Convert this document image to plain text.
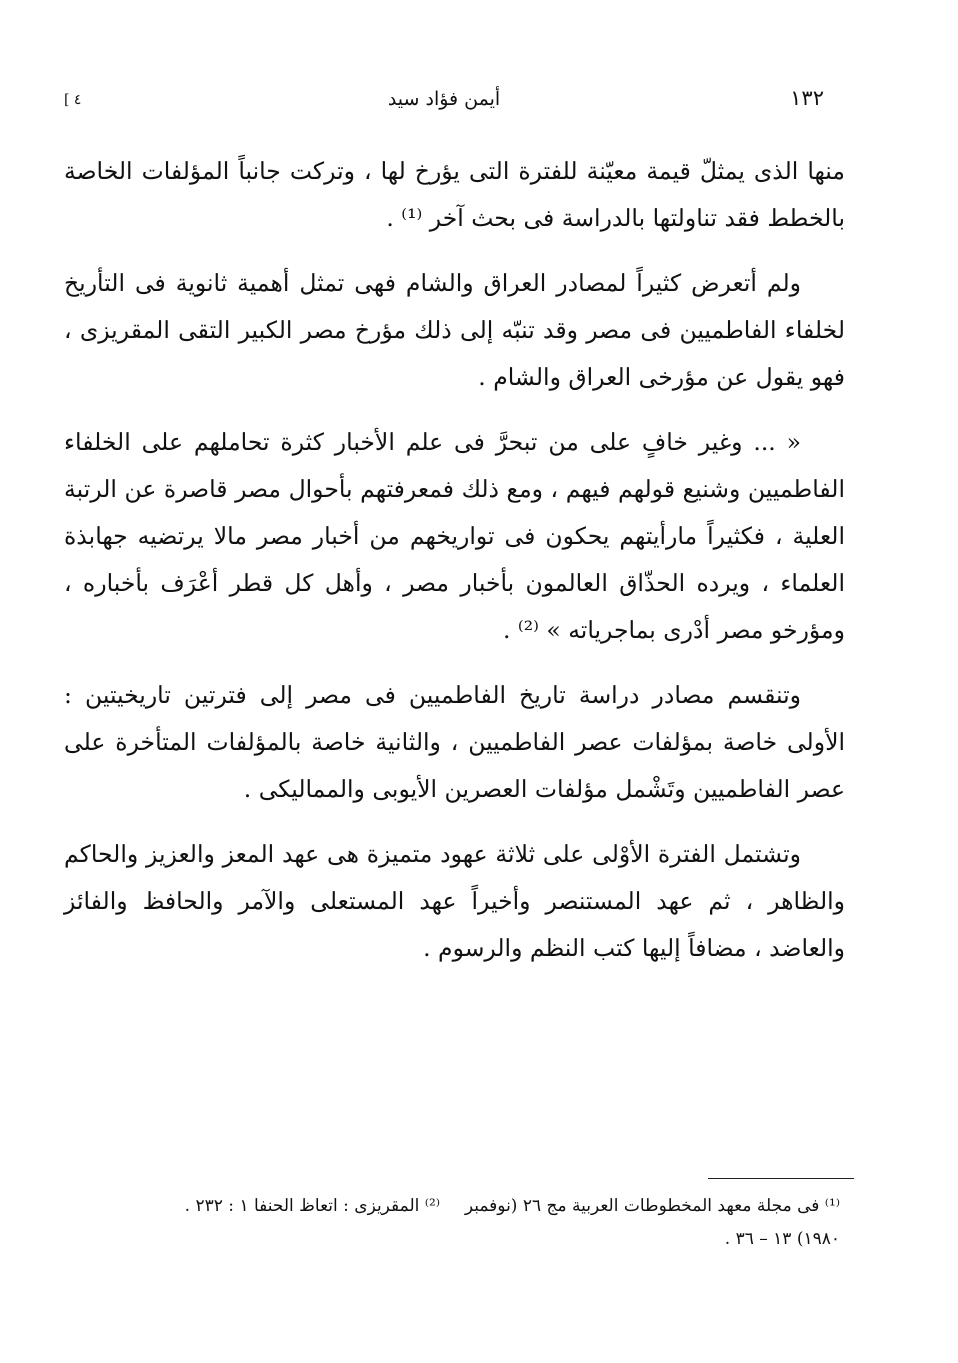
[ ٤	أيمن فؤاد سيد	١٣٢

منها الذى يمثلّ قيمة معيّنة للفترة التى يؤرخ لها ، وتركت جانباً المؤلفات الخاصة بالخطط فقد تناولتها بالدراسة فى بحث آخر ⁽¹⁾ .

ولم أتعرض كثيراً لمصادر العراق والشام فهى تمثل أهمية ثانوية فى التأريخ لخلفاء الفاطميين فى مصر وقد تنبّه إلى ذلك مؤرخ مصر الكبير التقى المقريزى ، فهو يقول عن مؤرخى العراق والشام .

« ... وغير خافٍ على من تبحرَّ فى علم الأخبار كثرة تحاملهم على الخلفاء الفاطميين وشنيع قولهم فيهم ، ومع ذلك فمعرفتهم بأحوال مصر قاصرة عن الرتبة العلية ، فكثيراً مارأيتهم يحكون فى تواريخهم من أخبار مصر مالا يرتضيه جهابذة العلماء ، ويرده الحذّاق العالمون بأخبار مصر ، وأهل كل قطر أعْرَف بأخباره ، ومؤرخو مصر أدْرى بماجرياته » ⁽²⁾ .

وتنقسم مصادر دراسة تاريخ الفاطميين فى مصر إلى فترتين تاريخيتين : الأولى خاصة بمؤلفات عصر الفاطميين ، والثانية خاصة بالمؤلفات المتأخرة على عصر الفاطميين وتَشْمل مؤلفات العصرين الأيوبى والمماليكى .

وتشتمل الفترة الأوْلى على ثلاثة عهود متميزة هى عهد المعز والعزيز والحاكم والظاهر ، ثم عهد المستنصر وأخيراً عهد المستعلى والآمر والحافظ والفائز والعاضد ، مضافاً إليها كتب النظم والرسوم .

⁽¹⁾ فى مجلة معهد المخطوطات العربية مج ٢٦ (نوفمبر
١٩٨٠) ١٣ – ٣٦ .
⁽²⁾ المقريزى : اتعاظ الحنفا ١ : ٢٣٢ .
